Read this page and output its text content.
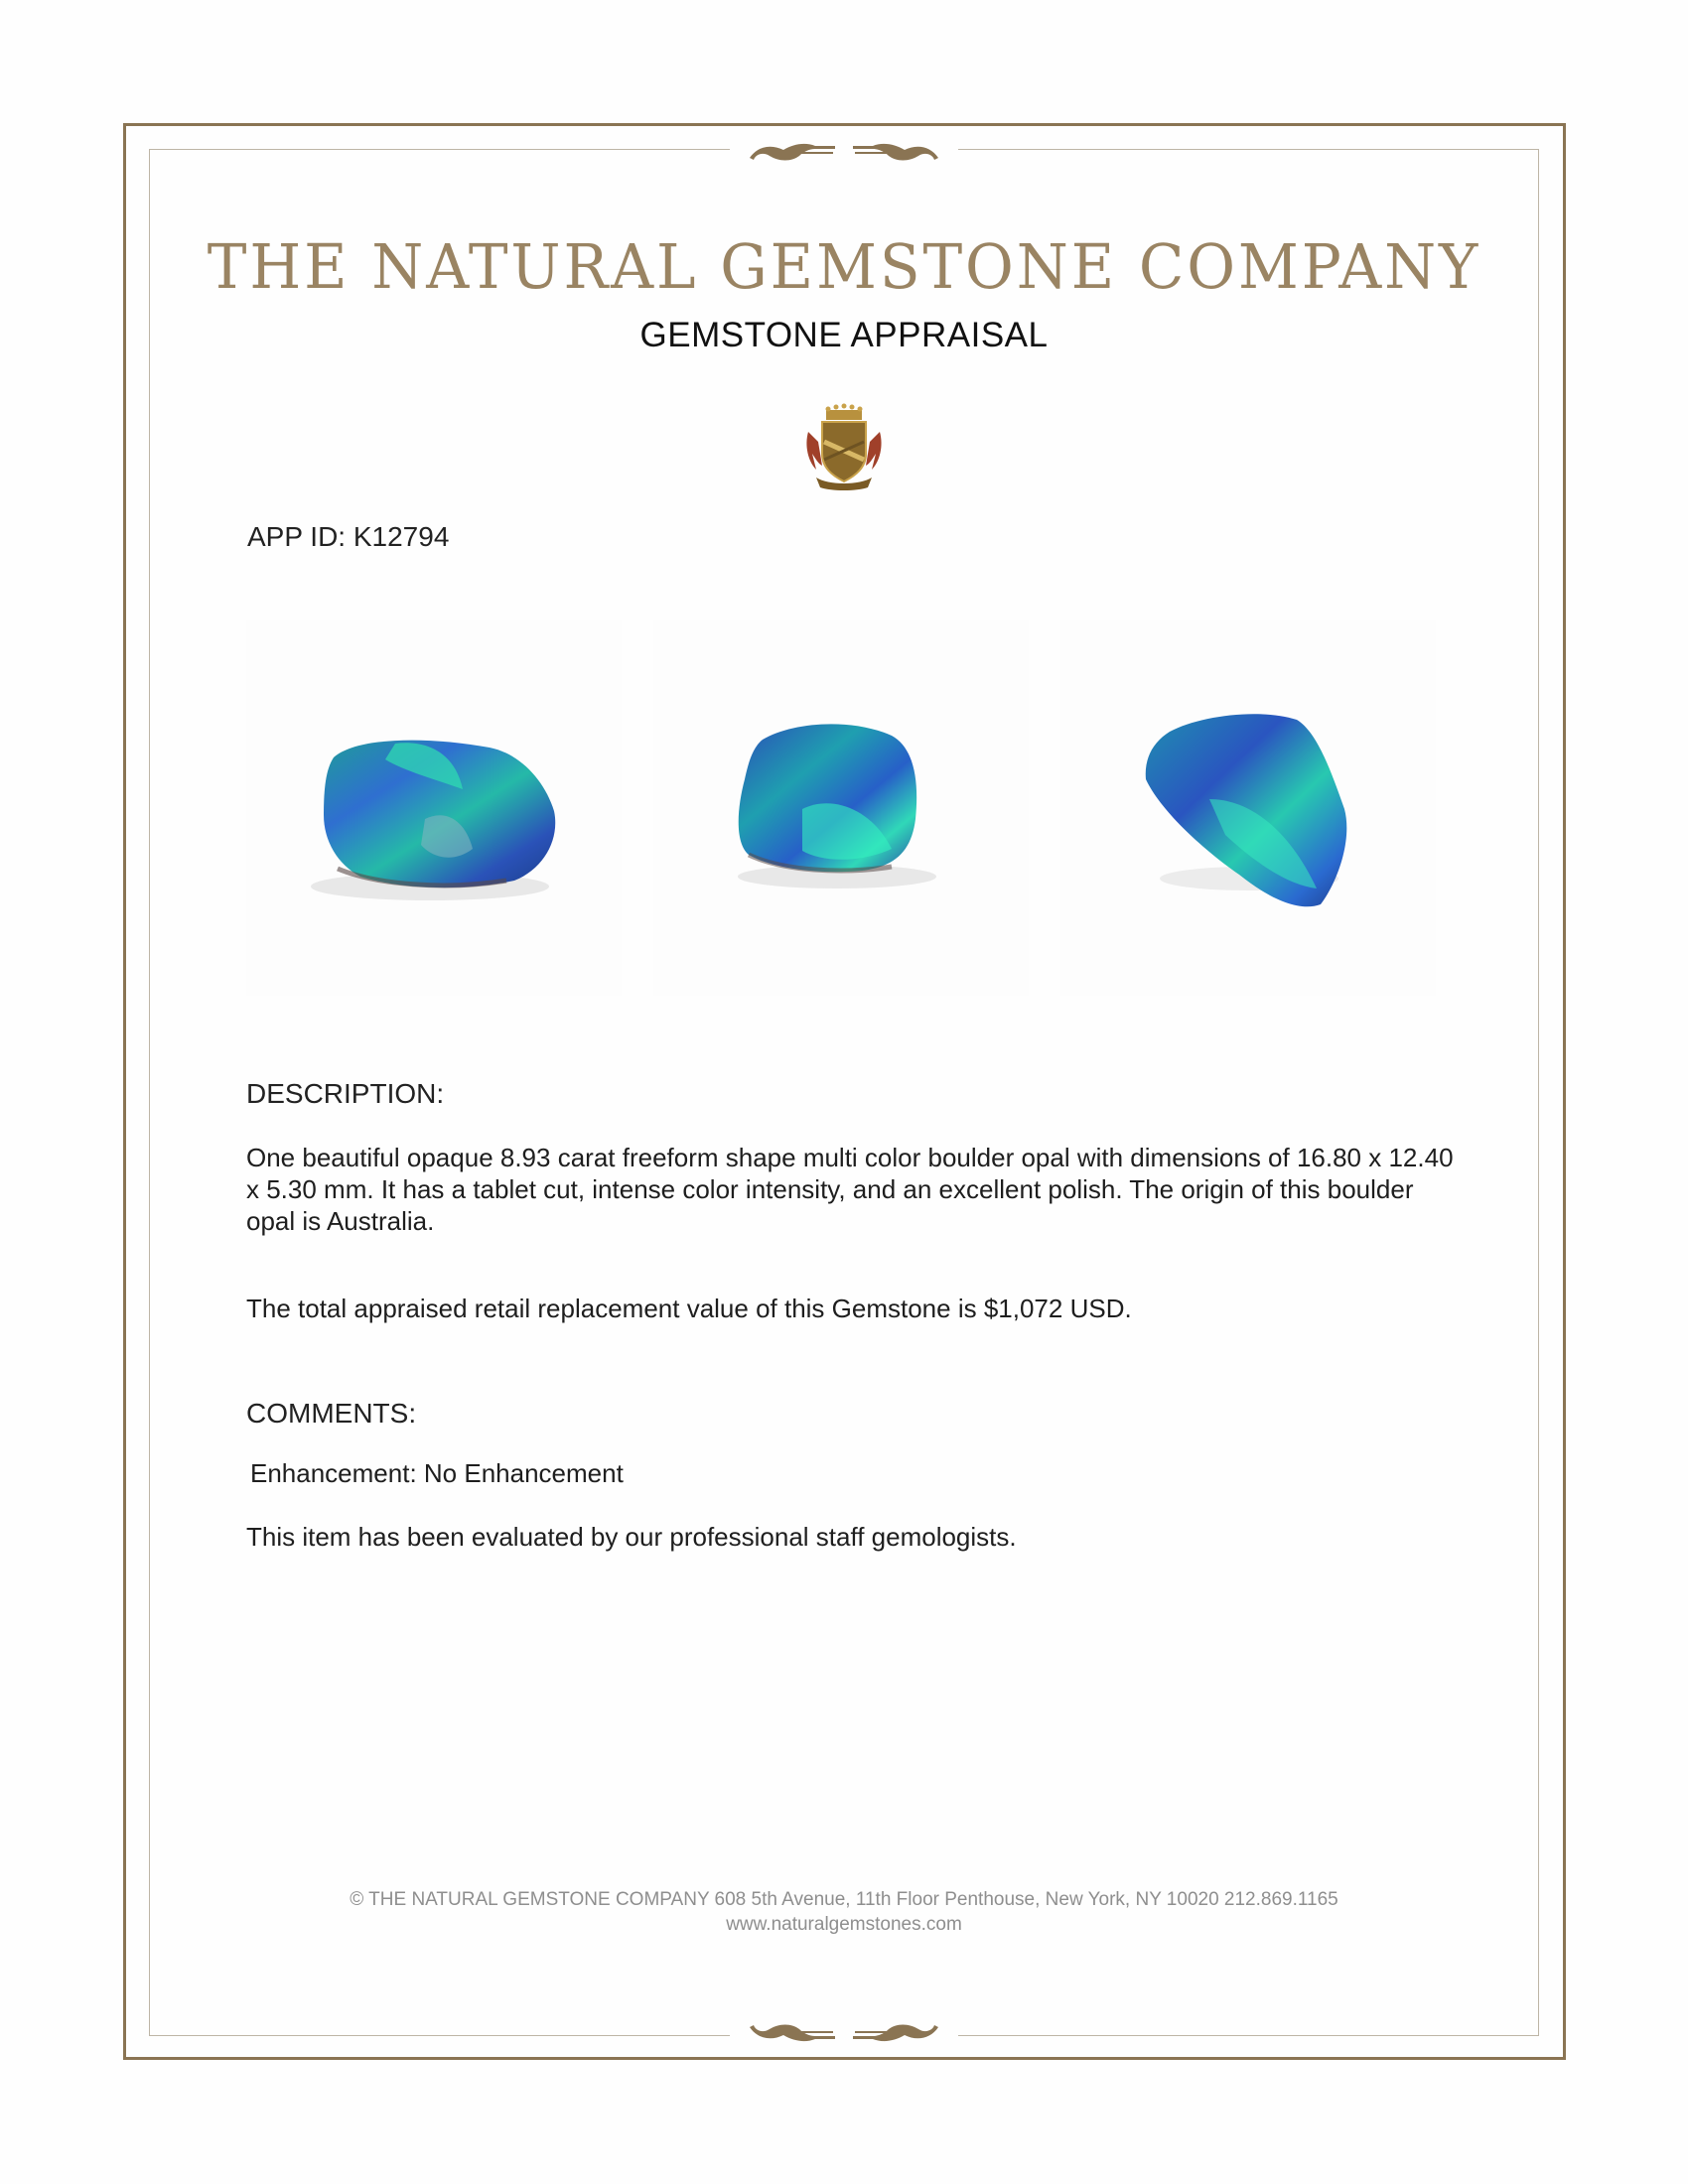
THE NATURAL GEMSTONE COMPANY
GEMSTONE APPRAISAL
APP ID: K12794
DESCRIPTION:
One beautiful opaque 8.93 carat freeform shape multi color boulder opal with dimensions of 16.80 x 12.40 x 5.30 mm. It has a tablet cut, intense color intensity, and an excellent polish. The origin of this boulder opal is Australia.
The total appraised retail replacement value of this Gemstone is $1,072 USD.
COMMENTS:
Enhancement: No Enhancement
This item has been evaluated by our professional staff gemologists.
© THE NATURAL GEMSTONE COMPANY 608 5th Avenue, 11th Floor Penthouse, New York, NY 10020 212.869.1165
www.naturalgemstones.com
